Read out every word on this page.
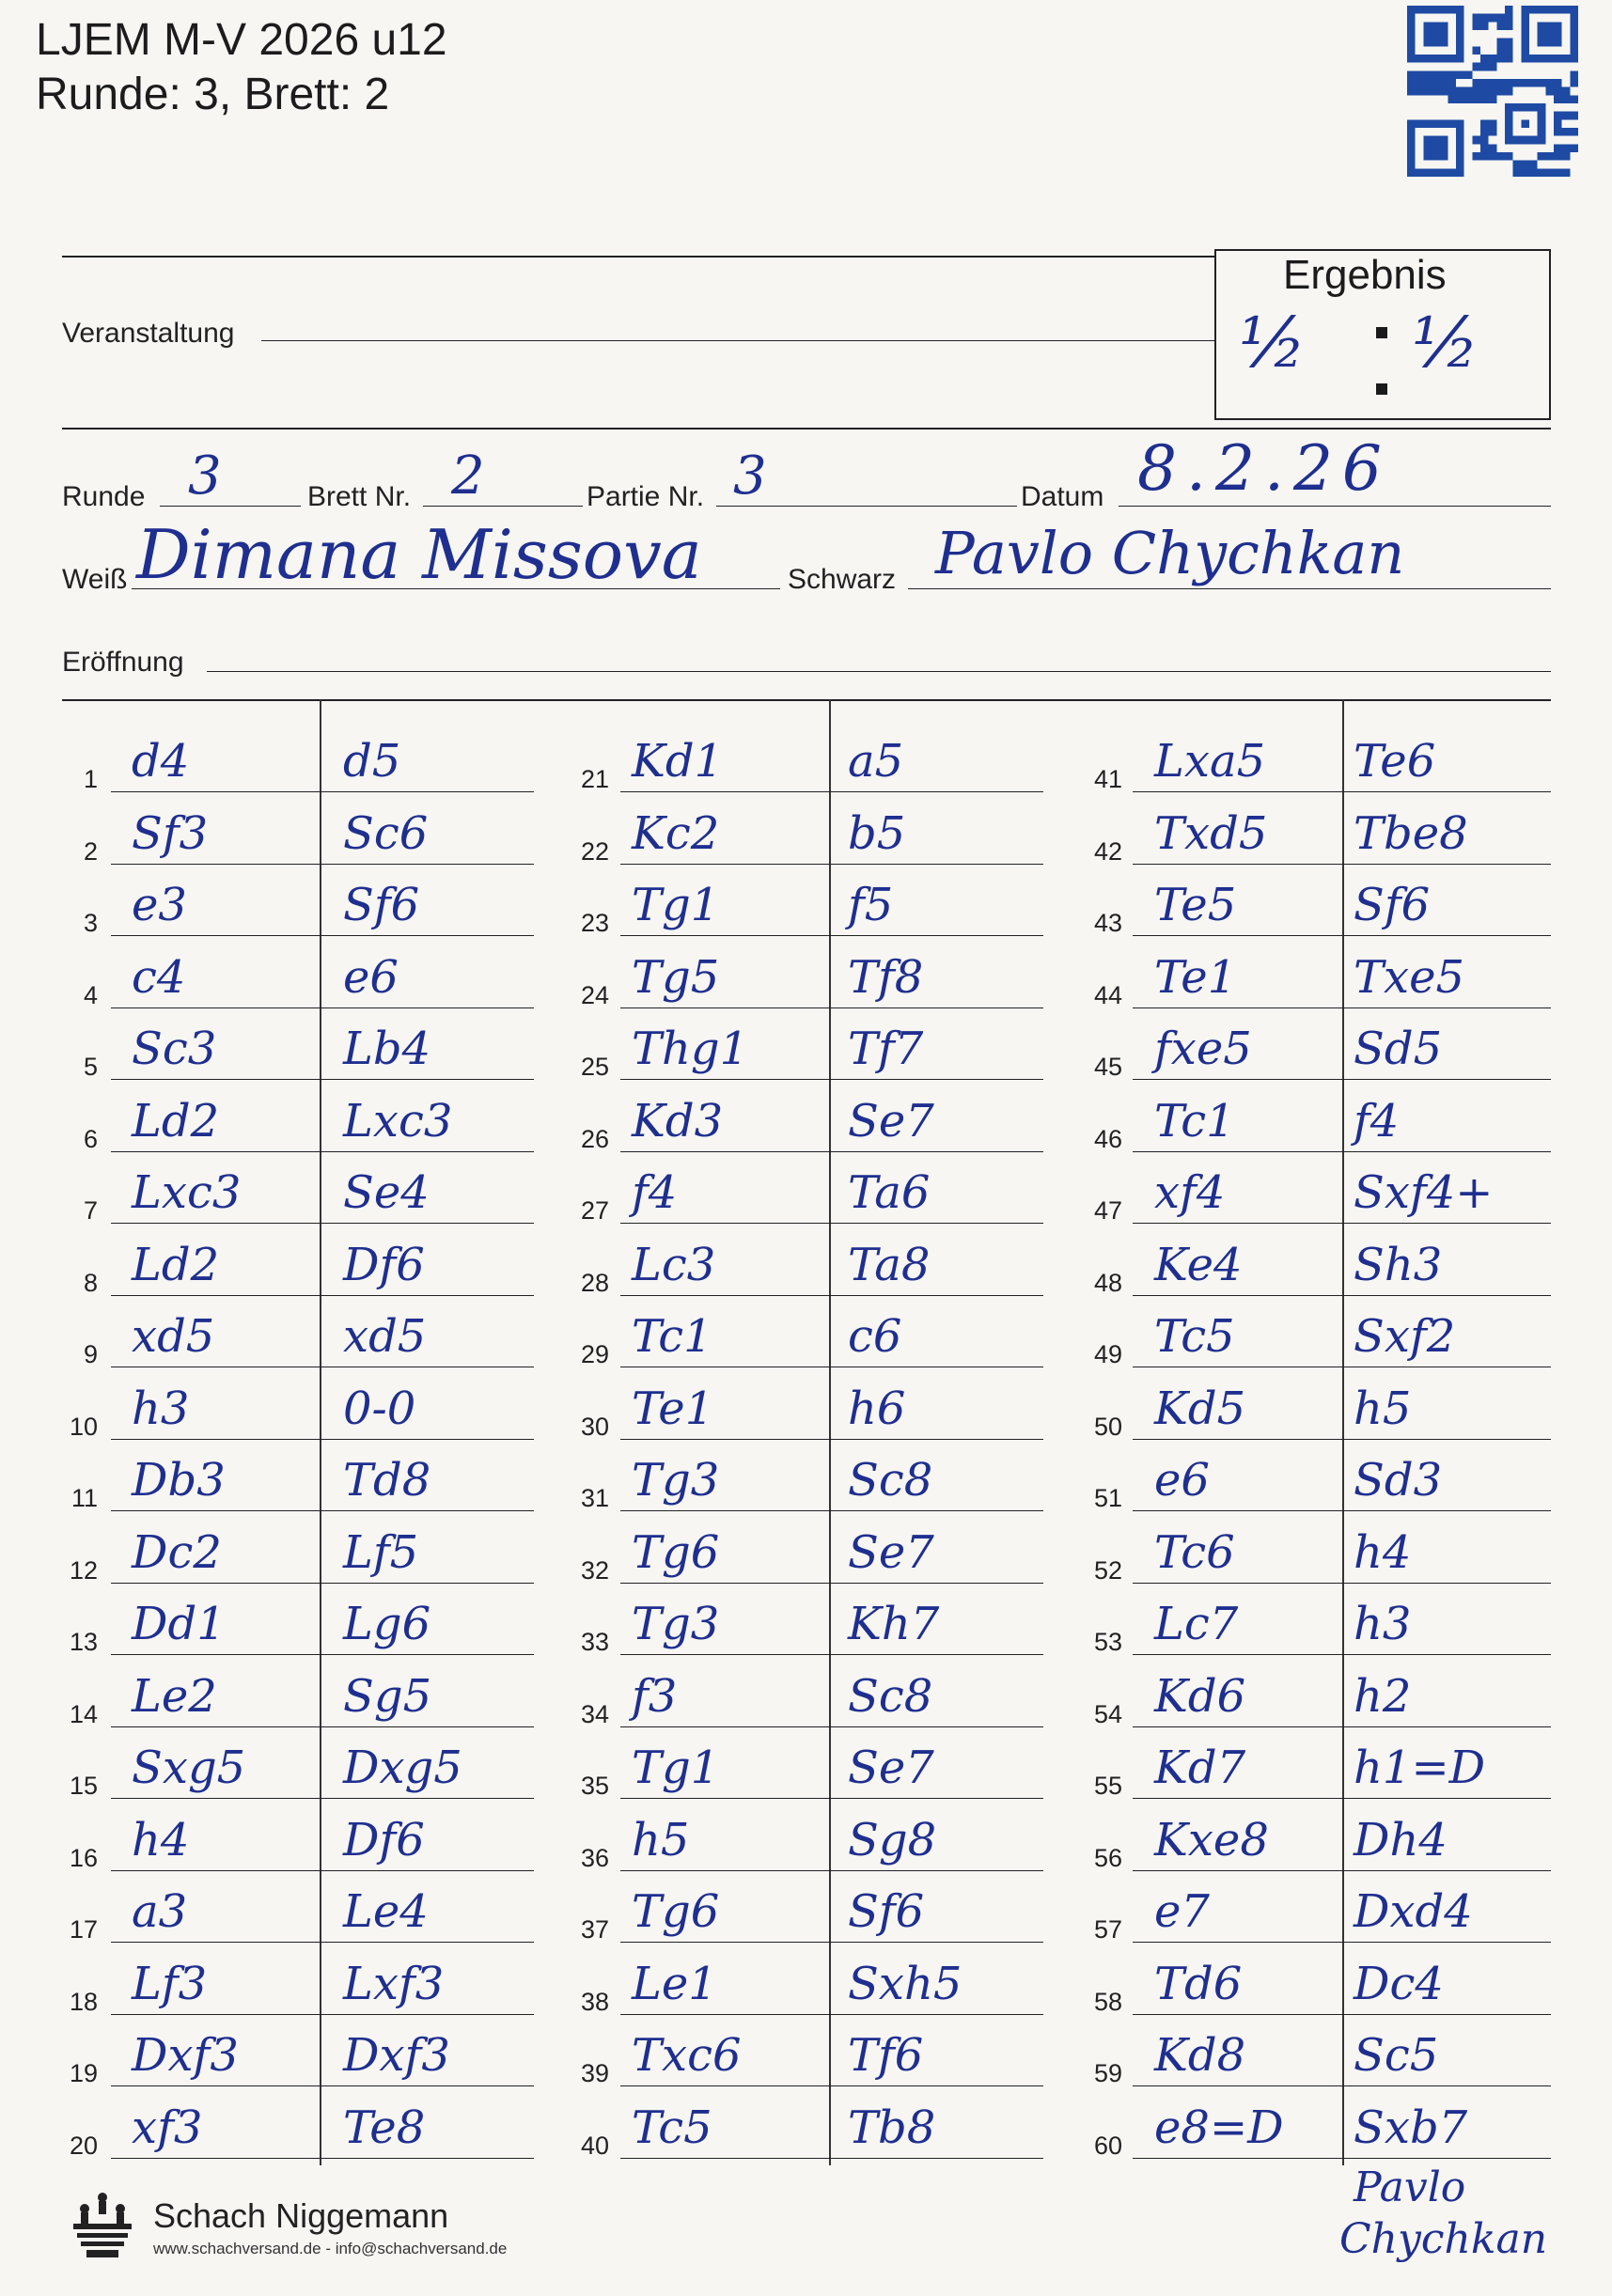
LJEM M-V 2026 u12
Runde: 3, Brett: 2
Veranstaltung
Ergebnis
½ ½
Runde 3	Brett Nr. 2	Partie Nr. 3	Datum 8.2.26
Weiß Dimana Missova	Schwarz Pavlo Chychkan
Eröffnung
1 d4	d5
2 Sf3	Sc6
3 e3	Sf6
4 c4	e6
5 Sc3	Lb4
6 Ld2	Lxc3
7 Lxc3 Se4
8 Ld2	Df6
9 xd5	xd5
10 h3	0-0
11 Db3	Td8
12 Dc2	Lf5
13 Dd1	Lg6
14 Le2	Sg5
15 Sxg5 Dxg5
16 h4	Df6
17 a3	Le4
18 Lf3	Lxf3
19 Dxf3 Dxf3
20 xf3	Te8
21 Kd1	a5
22 Kc2	b5
23 Tg1	f5
24 Tg5	Tf8
25 Thg1 Tf7
26 Kd3	Se7
27 f4	Ta6
28 Lc3	Ta8
29 Tc1	c6
30 Te1	h6
31 Tg3	Sc8
32 Tg6	Se7
33 Tg3	Kh7
34 f3	Sc8
35 Tg1	Se7
36 h5	Sg8
37 Tg6	Sf6
38 Le1	Sxh5
39 Txc6 Tf6
40 Tc5	Tb8
41 Lxa5 Te6
42 Txd5 Tbe8
43 Te5	Sf6
44 Te1	Txe5
45 fxe5 Sd5
46 Tc1	f4
47 xf4	Sxf4+
48 Ke4 Sh3
49 Tc5	Sxf2
50 Kd5 h5
51 e6	Sd3
52 Tc6	h4
53 Lc7	h3
54 Kd6 h2
55 Kd7 h1=D
56 Kxe8 Dh4
57 e7	Dxd4
58 Td6 Dc4
59 Kd8 Sc5
60 e8=D Sxb7
Pavlo
Chychkan
Schach Niggemann
www.schachversand.de - info@schachversand.de
